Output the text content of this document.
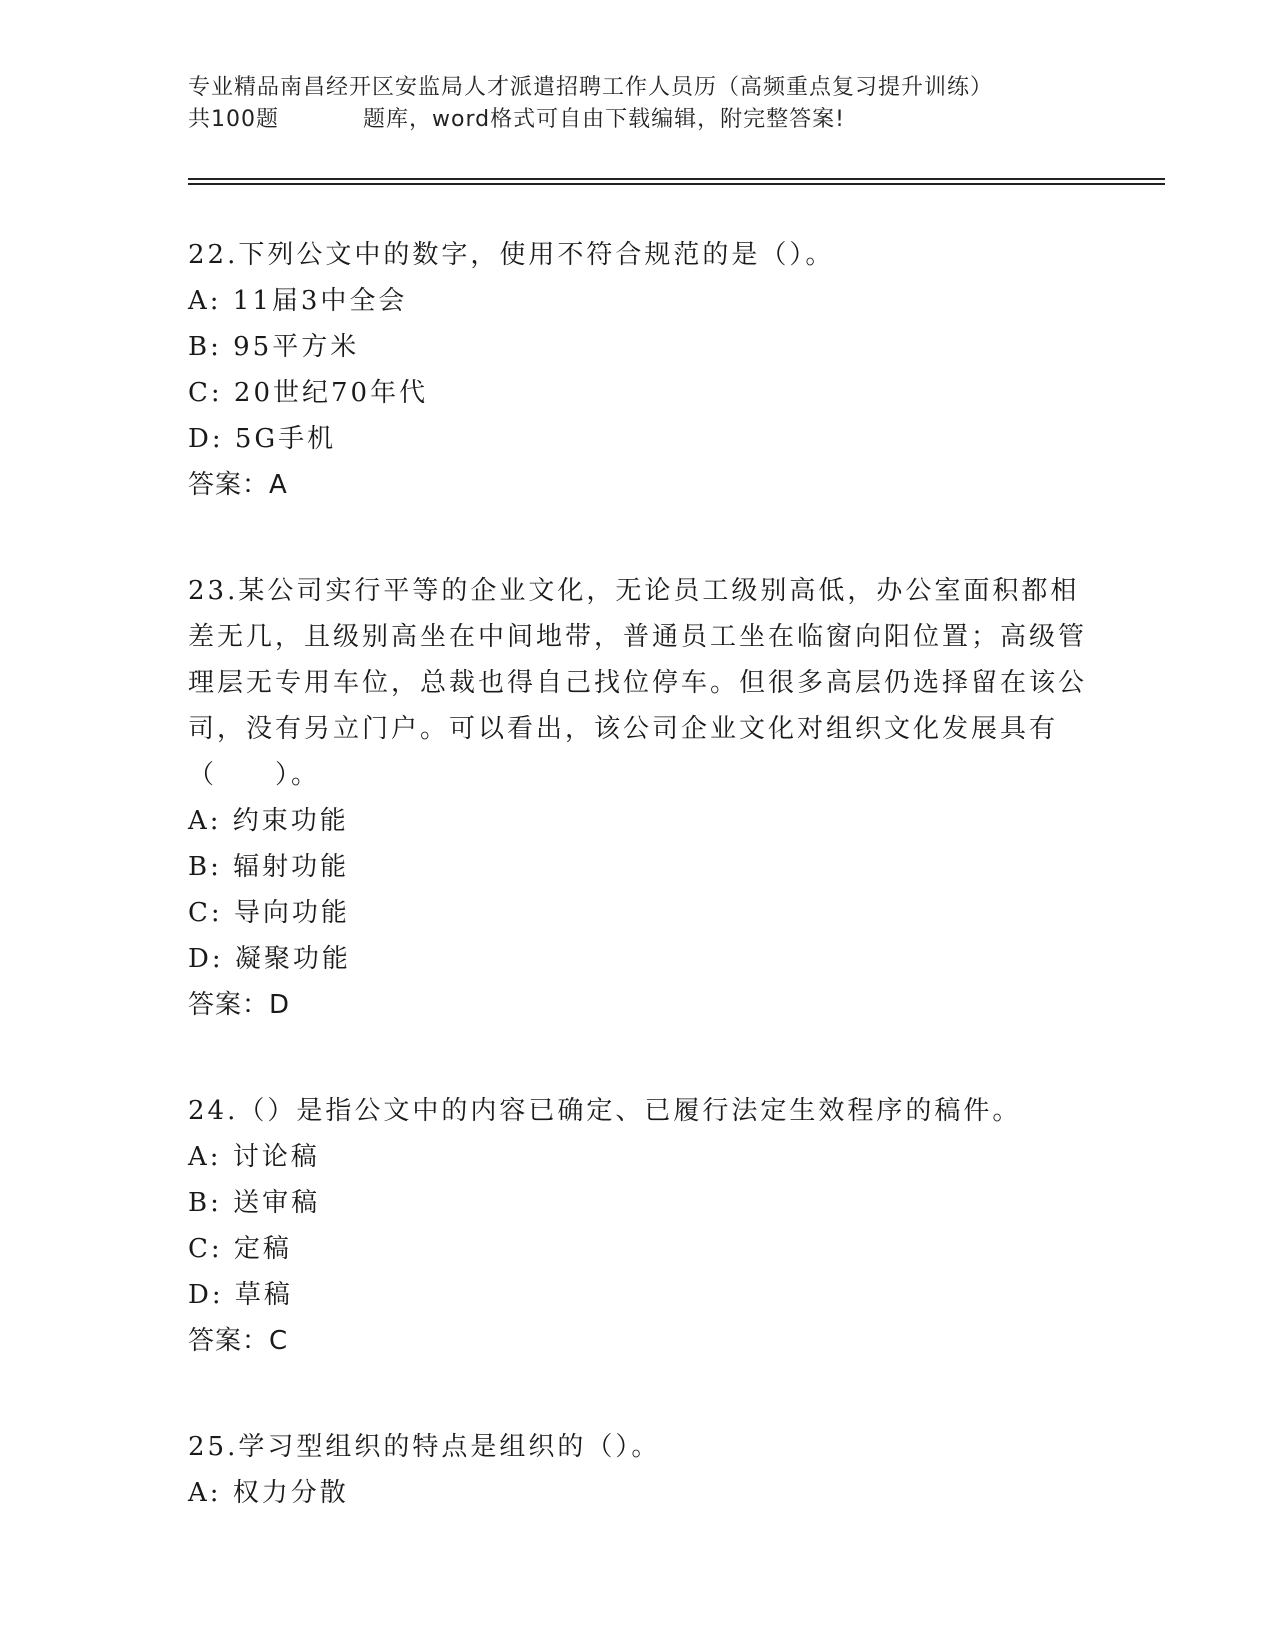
专业精品南昌经开区安监局人才派遣招聘工作人员历（高频重点复习提升训练）
共100题	题库，word格式可自由下载编辑，附完整答案!

22.下列公文中的数字，使用不符合规范的是（）。

A: 11届3中全会

B: 95平方米

C: 20世纪70年代

D: 5G手机

答案：A

23.某公司实行平等的企业文化，无论员工级别高低，办公室面积都相差无几，且级别高坐在中间地带，普通员工坐在临窗向阳位置；高级管理层无专用车位，总裁也得自己找位停车。但很多高层仍选择留在该公司，没有另立门户。可以看出，该公司企业文化对组织文化发展具有（　　）。

A: 约束功能

B: 辐射功能

C: 导向功能

D: 凝聚功能

答案：D

24.（）是指公文中的内容已确定、已履行法定生效程序的稿件。

A: 讨论稿

B: 送审稿

C: 定稿

D: 草稿

答案：C

25.学习型组织的特点是组织的（）。

A: 权力分散
